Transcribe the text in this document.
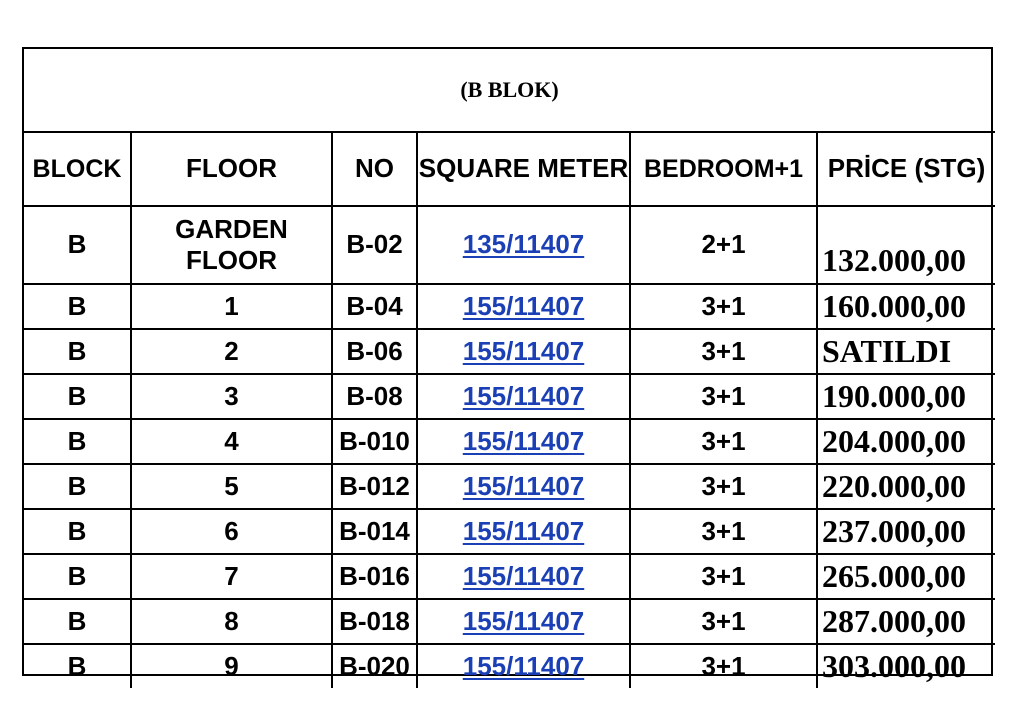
(B BLOK)					
BLOCK	FLOOR	NO	SQUARE METER	BEDROOM+1	PRİCE (STG)
B	GARDEN FLOOR	B-02	135/11407	2+1	132.000,00
B	1	B-04	155/11407	3+1	160.000,00
B	2	B-06	155/11407	3+1	SATILDI
B	3	B-08	155/11407	3+1	190.000,00
B	4	B-010	155/11407	3+1	204.000,00
B	5	B-012	155/11407	3+1	220.000,00
B	6	B-014	155/11407	3+1	237.000,00
B	7	B-016	155/11407	3+1	265.000,00
B	8	B-018	155/11407	3+1	287.000,00
B	9	B-020	155/11407	3+1	303.000,00
